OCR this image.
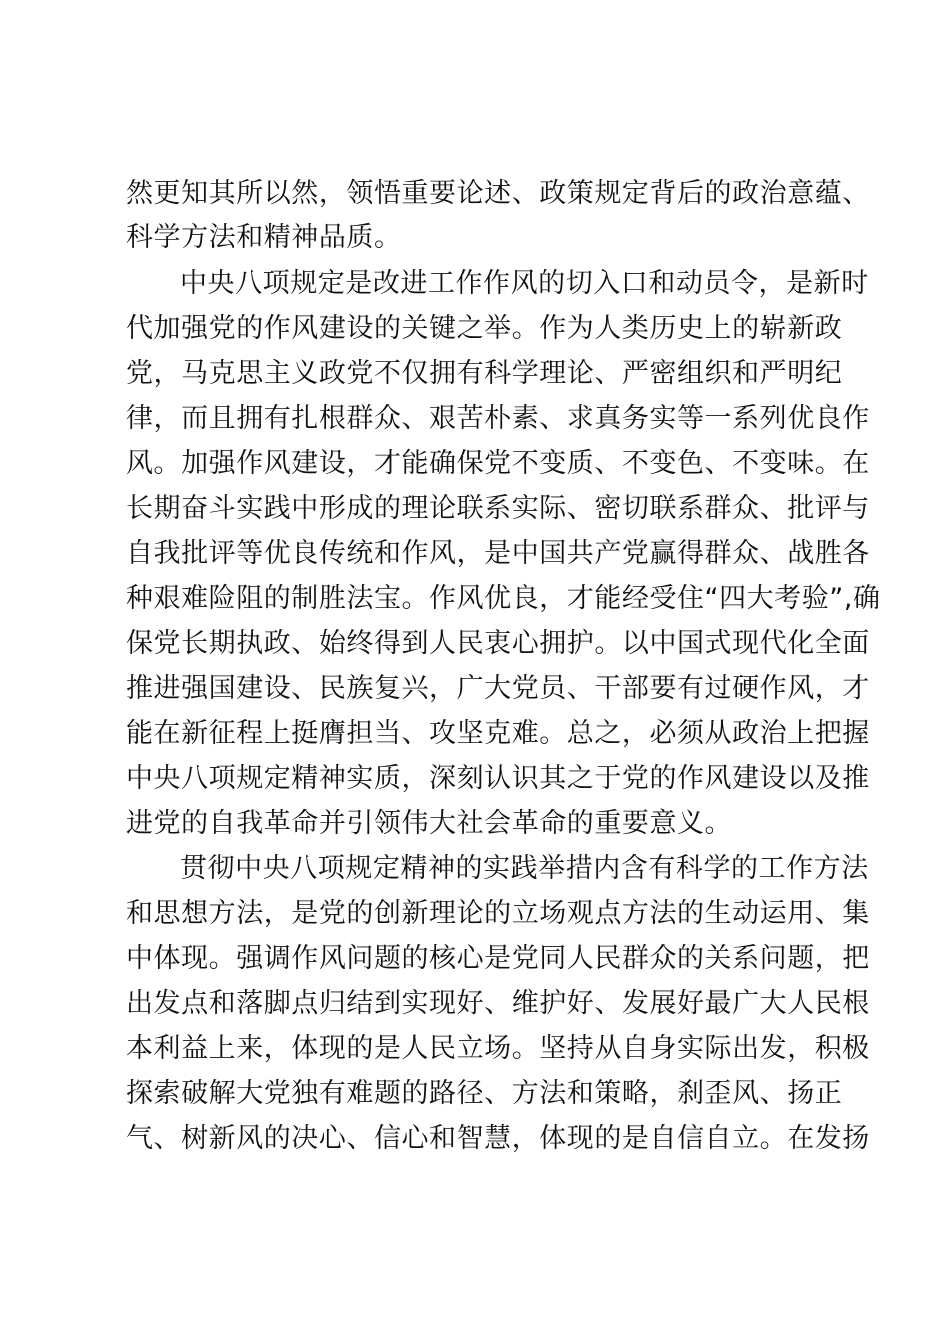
然更知其所以然，领悟重要论述、政策规定背后的政治意蕴、
科学方法和精神品质。
中央八项规定是改进工作作风的切入口和动员令，是新时
代加强党的作风建设的关键之举。作为人类历史上的崭新政
党，马克思主义政党不仅拥有科学理论、严密组织和严明纪
律，而且拥有扎根群众、艰苦朴素、求真务实等一系列优良作
风。加强作风建设，才能确保党不变质、不变色、不变味。在
长期奋斗实践中形成的理论联系实际、密切联系群众、批评与
自我批评等优良传统和作风，是中国共产党赢得群众、战胜各
种艰难险阻的制胜法宝。作风优良，才能经受住“四大考验”,确
保党长期执政、始终得到人民衷心拥护。以中国式现代化全面
推进强国建设、民族复兴，广大党员、干部要有过硬作风，才
能在新征程上挺膺担当、攻坚克难。总之，必须从政治上把握
中央八项规定精神实质，深刻认识其之于党的作风建设以及推
进党的自我革命并引领伟大社会革命的重要意义。
贯彻中央八项规定精神的实践举措内含有科学的工作方法
和思想方法，是党的创新理论的立场观点方法的生动运用、集
中体现。强调作风问题的核心是党同人民群众的关系问题，把
出发点和落脚点归结到实现好、维护好、发展好最广大人民根
本利益上来，体现的是人民立场。坚持从自身实际出发，积极
探索破解大党独有难题的路径、方法和策略，刹歪风、扬正
气、树新风的决心、信心和智慧，体现的是自信自立。在发扬
